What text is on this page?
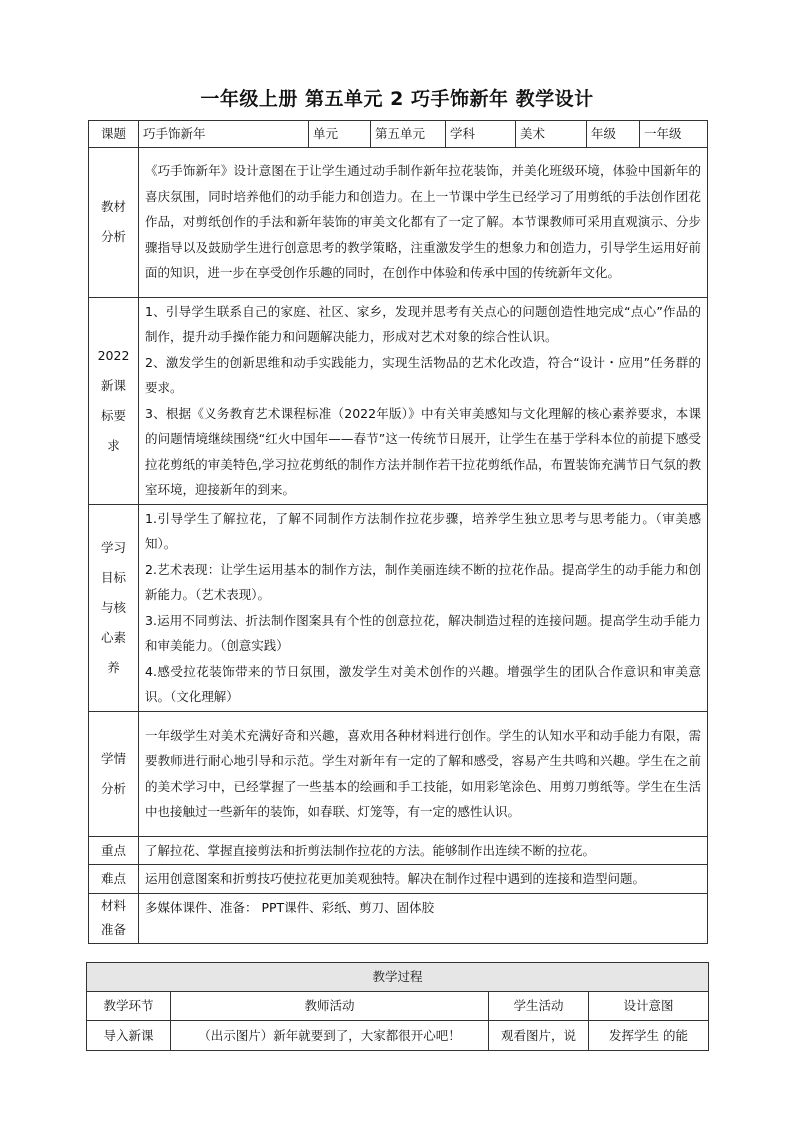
一年级上册 第五单元 2 巧手饰新年 教学设计
课题	巧手饰新年	单元	第五单元	学科	美术	年级	一年级
教材分析	《巧手饰新年》设计意图在于让学生通过动手制作新年拉花装饰，并美化班级环境，体验中国新年的喜庆氛围，同时培养他们的动手能力和创造力。在上一节课中学生已经学习了用剪纸的手法创作团花作品，对剪纸创作的手法和新年装饰的审美文化都有了一定了解。本节课教师可采用直观演示、分步骤指导以及鼓励学生进行创意思考的教学策略，注重激发学生的想象力和创造力，引导学生运用好前面的知识，进一步在享受创作乐趣的同时，在创作中体验和传承中国的传统新年文化。						
2022新课标要求	1、引导学生联系自己的家庭、社区、家乡，发现并思考有关点心的问题创造性地完成“点心”作品的制作，提升动手操作能力和问题解决能力，形成对艺术对象的综合性认识。
2、激发学生的创新思维和动手实践能力，实现生活物品的艺术化改造，符合“设计・应用”任务群的要求。
3、根据《义务教育艺术课程标准（2022年版）》中有关审美感知与文化理解的核心素养要求，本课的问题情境继续围绕“红火中国年——春节”这一传统节日展开，让学生在基于学科本位的前提下感受拉花剪纸的审美特色,学习拉花剪纸的制作方法并制作若干拉花剪纸作品，布置装饰充满节日气氛的教室环境，迎接新年的到来。						

学习目标与核心素养	1.引导学生了解拉花，了解不同制作方法制作拉花步骤，培养学生独立思考与思考能力。（审美感知）。
2.艺术表现：让学生运用基本的制作方法，制作美丽连续不断的拉花作品。提高学生的动手能力和创新能力。（艺术表现）。
3.运用不同剪法、折法制作图案具有个性的创意拉花，解决制造过程的连接问题。提高学生动手能力和审美能力。（创意实践）
4.感受拉花装饰带来的节日氛围，激发学生对美术创作的兴趣。增强学生的团队合作意识和审美意识。（文化理解）						

学情分析	一年级学生对美术充满好奇和兴趣，喜欢用各种材料进行创作。学生的认知水平和动手能力有限，需要教师进行耐心地引导和示范。学生对新年有一定的了解和感受，容易产生共鸣和兴趣。学生在之前的美术学习中，已经掌握了一些基本的绘画和手工技能，如用彩笔涂色、用剪刀剪纸等。学生在生活中也接触过一些新年的装饰，如春联、灯笼等，有一定的感性认识。						
重点	了解拉花、掌握直接剪法和折剪法制作拉花的方法。能够制作出连续不断的拉花。						
难点	运用创意图案和折剪技巧使拉花更加美观独特。解决在制作过程中遇到的连接和造型问题。						
材料准备	多媒体课件、准备： PPT课件、彩纸、剪刀、固体胶						
教学过程			
教学环节	教师活动	学生活动	设计意图
导入新课	（出示图片）新年就要到了，大家都很开心吧！	观看图片，说	发挥学生 的能
